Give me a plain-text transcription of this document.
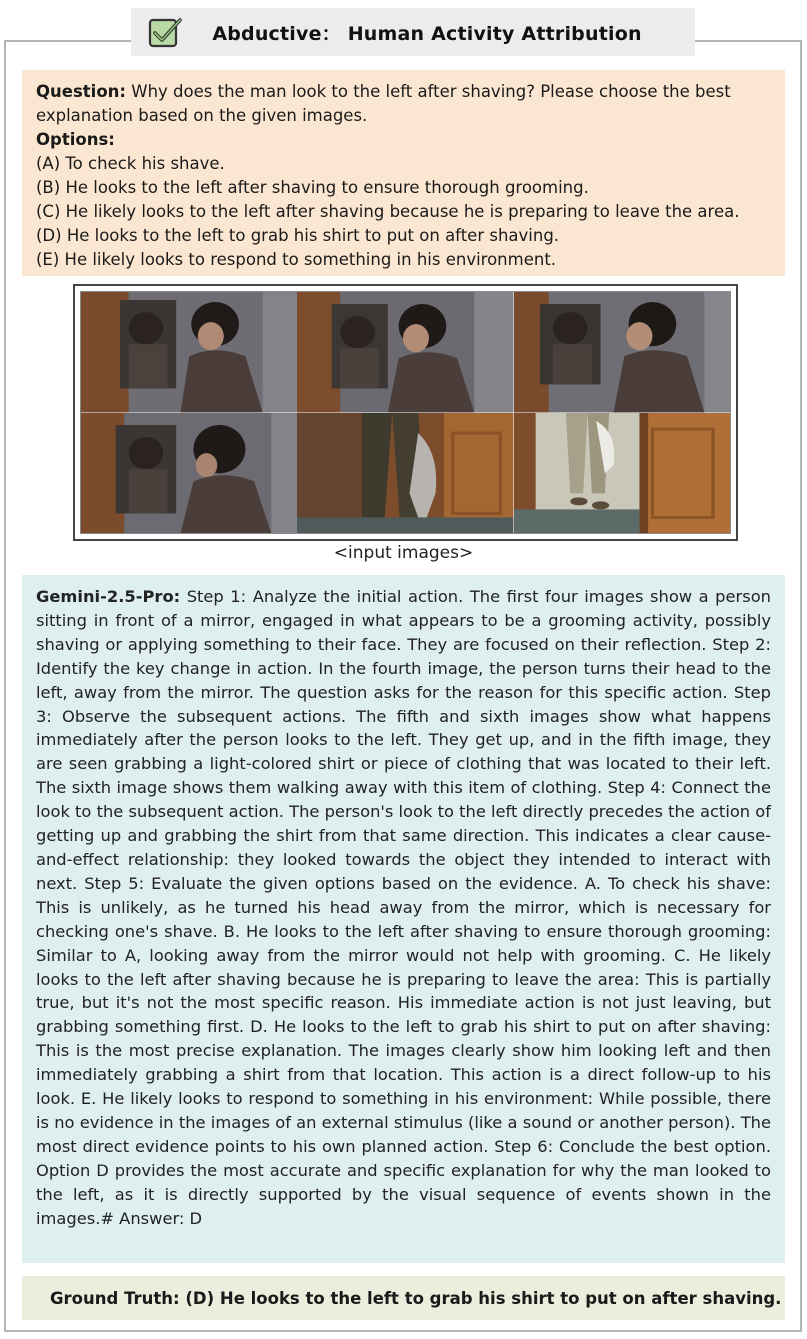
Abductive： Human Activity Attribution
Question: Why does the man look to the left after shaving? Please choose the best explanation based on the given images.
Options:
(A) To check his shave.
(B) He looks to the left after shaving to ensure thorough grooming.
(C) He likely looks to the left after shaving because he is preparing to leave the area.
(D) He looks to the left to grab his shirt to put on after shaving.
(E) He likely looks to respond to something in his environment.
<input images>
Gemini-2.5-Pro: Step 1: Analyze the initial action. The first four images show a person sitting in front of a mirror, engaged in what appears to be a grooming activity, possibly shaving or applying something to their face. They are focused on their reflection. Step 2: Identify the key change in action. In the fourth image, the person turns their head to the left, away from the mirror. The question asks for the reason for this specific action. Step 3: Observe the subsequent actions. The fifth and sixth images show what happens immediately after the person looks to the left. They get up, and in the fifth image, they are seen grabbing a light-colored shirt or piece of clothing that was located to their left. The sixth image shows them walking away with this item of clothing. Step 4: Connect the look to the subsequent action. The person's look to the left directly precedes the action of getting up and grabbing the shirt from that same direction. This indicates a clear cause-and-effect relationship: they looked towards the object they intended to interact with next. Step 5: Evaluate the given options based on the evidence. A. To check his shave: This is unlikely, as he turned his head away from the mirror, which is necessary for checking one's shave. B. He looks to the left after shaving to ensure thorough grooming: Similar to A, looking away from the mirror would not help with grooming. C. He likely looks to the left after shaving because he is preparing to leave the area: This is partially true, but it's not the most specific reason. His immediate action is not just leaving, but grabbing something first. D. He looks to the left to grab his shirt to put on after shaving: This is the most precise explanation. The images clearly show him looking left and then immediately grabbing a shirt from that location. This action is a direct follow-up to his look. E. He likely looks to respond to something in his environment: While possible, there is no evidence in the images of an external stimulus (like a sound or another person). The most direct evidence points to his own planned action. Step 6: Conclude the best option. Option D provides the most accurate and specific explanation for why the man looked to the left, as it is directly supported by the visual sequence of events shown in the images.# Answer: D
Ground Truth: (D) He looks to the left to grab his shirt to put on after shaving.
